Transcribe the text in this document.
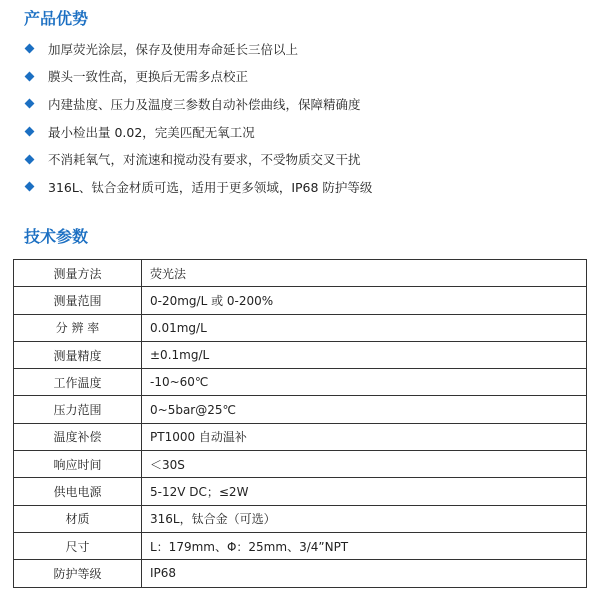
产品优势
加厚荧光涂层，保存及使用寿命延长三倍以上
膜头一致性高，更换后无需多点校正
内建盐度、压力及温度三参数自动补偿曲线，保障精确度
最小检出量 0.02，完美匹配无氧工况
不消耗氧气，对流速和搅动没有要求，不受物质交叉干扰
316L、钛合金材质可选，适用于更多领域，IP68 防护等级
技术参数
测量方法	荧光法
测量范围	0-20mg/L 或 0-200%
分 辨 率	0.01mg/L
测量精度	±0.1mg/L
工作温度	-10~60℃
压力范围	0~5bar@25℃
温度补偿	PT1000 自动温补
响应时间	＜30S
供电电源	5-12V DC；≤2W
材质	316L，钛合金（可选）
尺寸	L：179mm、Φ：25mm、3/4”NPT
防护等级	IP68
